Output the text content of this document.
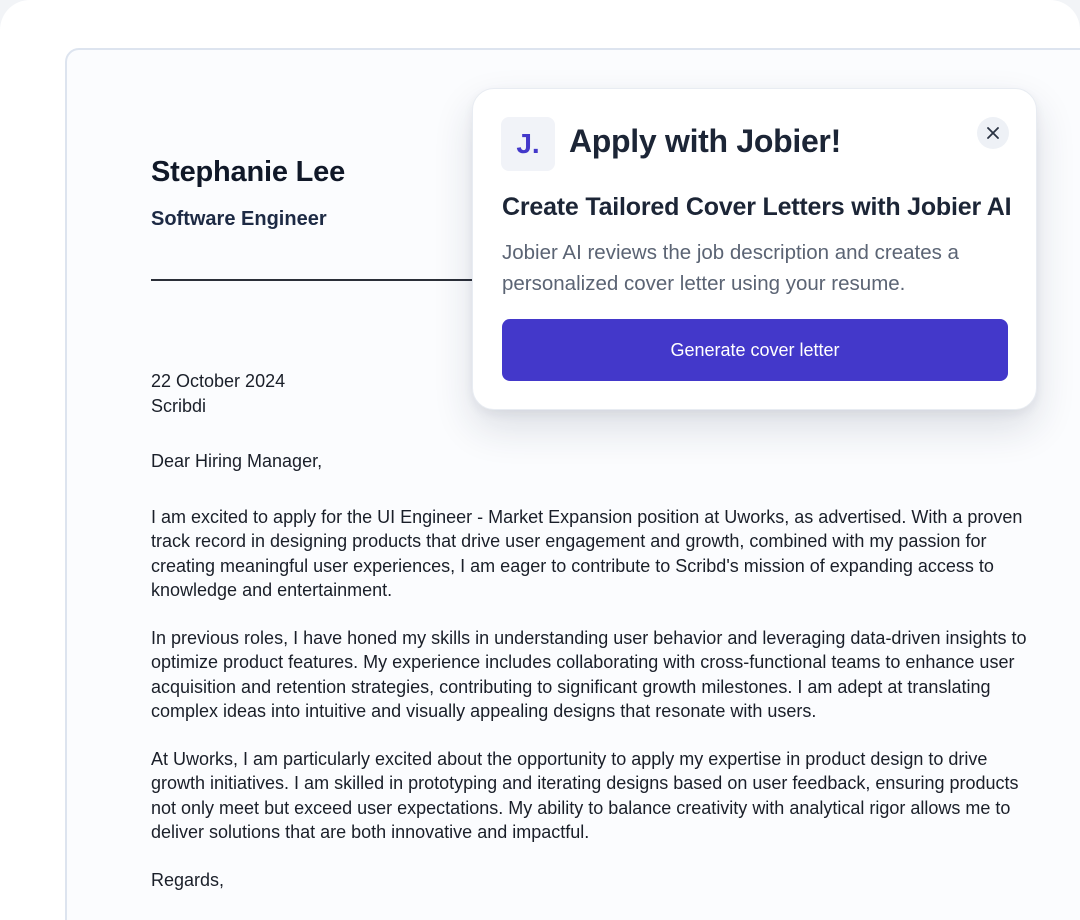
Stephanie Lee
Software Engineer

22 October 2024

Scribdi

Dear Hiring Manager,

I am excited to apply for the UI Engineer - Market Expansion position at Uworks, as advertised. With a proven track record in designing products that drive user engagement and growth, combined with my passion for creating meaningful user experiences, I am eager to contribute to Scribd's mission of expanding access to knowledge and entertainment.

In previous roles, I have honed my skills in understanding user behavior and leveraging data-driven insights to optimize product features. My experience includes collaborating with cross-functional teams to enhance user acquisition and retention strategies, contributing to significant growth milestones. I am adept at translating complex ideas into intuitive and visually appealing designs that resonate with users.

At Uworks, I am particularly excited about the opportunity to apply my expertise in product design to drive growth initiatives. I am skilled in prototyping and iterating designs based on user feedback, ensuring products not only meet but exceed user expectations. My ability to balance creativity with analytical rigor allows me to deliver solutions that are both innovative and impactful.

Regards,

J. Apply with Jobier!
Create Tailored Cover Letters with Jobier AI

Jobier AI reviews the job description and creates a personalized cover letter using your resume.

Generate cover letter
